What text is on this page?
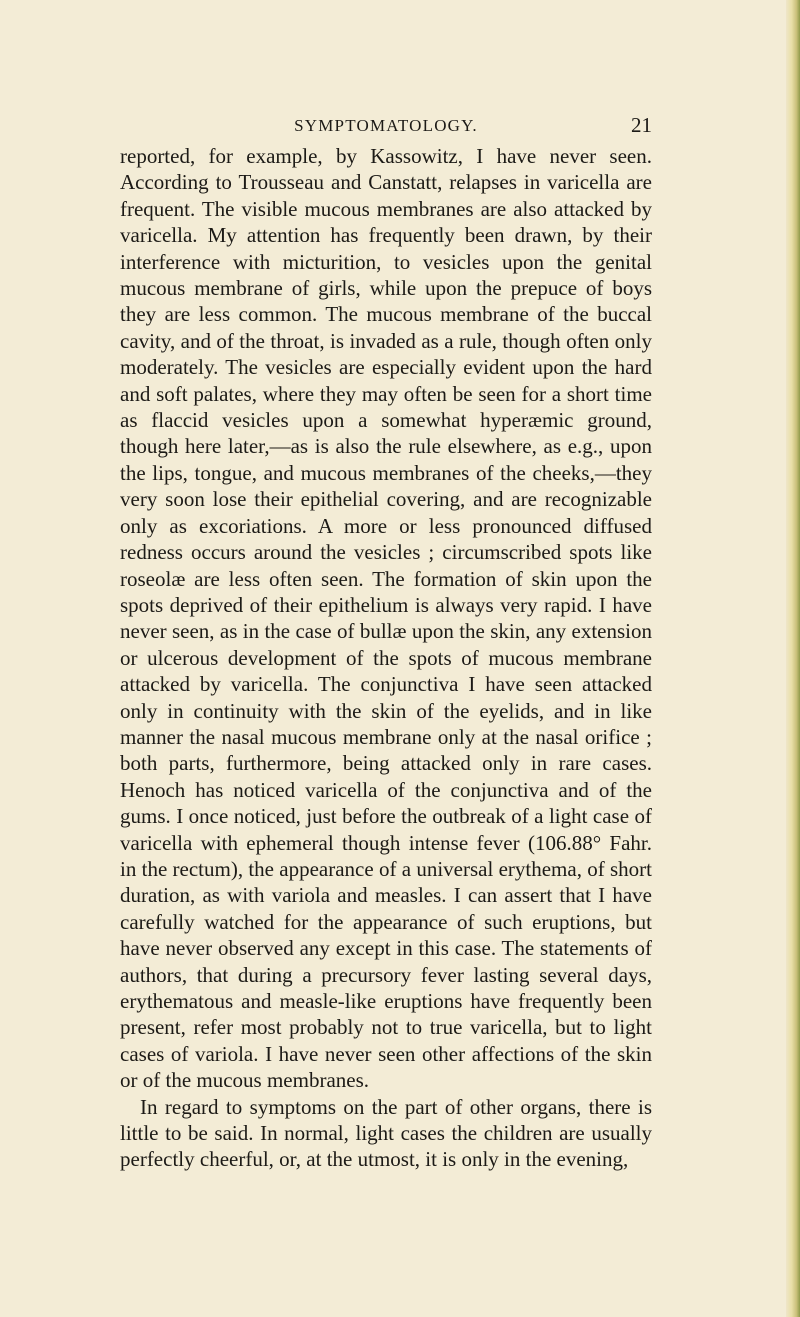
SYMPTOMATOLOGY.	21

reported, for example, by Kassowitz, I have never seen. According to Trousseau and Canstatt, relapses in varicella are frequent. The visible mucous membranes are also attacked by varicella. My attention has frequently been drawn, by their interference with micturition, to vesicles upon the genital mucous membrane of girls, while upon the prepuce of boys they are less common. The mucous membrane of the buccal cavity, and of the throat, is invaded as a rule, though often only moderately. The vesicles are especially evident upon the hard and soft palates, where they may often be seen for a short time as flaccid vesicles upon a somewhat hyperæmic ground, though here later,—as is also the rule elsewhere, as e.g., upon the lips, tongue, and mucous membranes of the cheeks,—they very soon lose their epithelial covering, and are recognizable only as excoriations. A more or less pronounced diffused redness occurs around the vesicles ; circumscribed spots like roseolæ are less often seen. The formation of skin upon the spots deprived of their epithelium is always very rapid. I have never seen, as in the case of bullæ upon the skin, any extension or ulcerous development of the spots of mucous membrane attacked by varicella. The conjunctiva I have seen attacked only in continuity with the skin of the eyelids, and in like manner the nasal mucous membrane only at the nasal orifice ; both parts, furthermore, being attacked only in rare cases. Henoch has noticed varicella of the conjunctiva and of the gums. I once noticed, just before the outbreak of a light case of varicella with ephemeral though intense fever (106.88° Fahr. in the rectum), the appearance of a universal erythema, of short duration, as with variola and measles. I can assert that I have carefully watched for the appearance of such eruptions, but have never observed any except in this case. The statements of authors, that during a precursory fever lasting several days, erythematous and measle-like eruptions have frequently been present, refer most probably not to true varicella, but to light cases of variola. I have never seen other affections of the skin or of the mucous membranes.

In regard to symptoms on the part of other organs, there is little to be said. In normal, light cases the children are usually perfectly cheerful, or, at the utmost, it is only in the evening,
